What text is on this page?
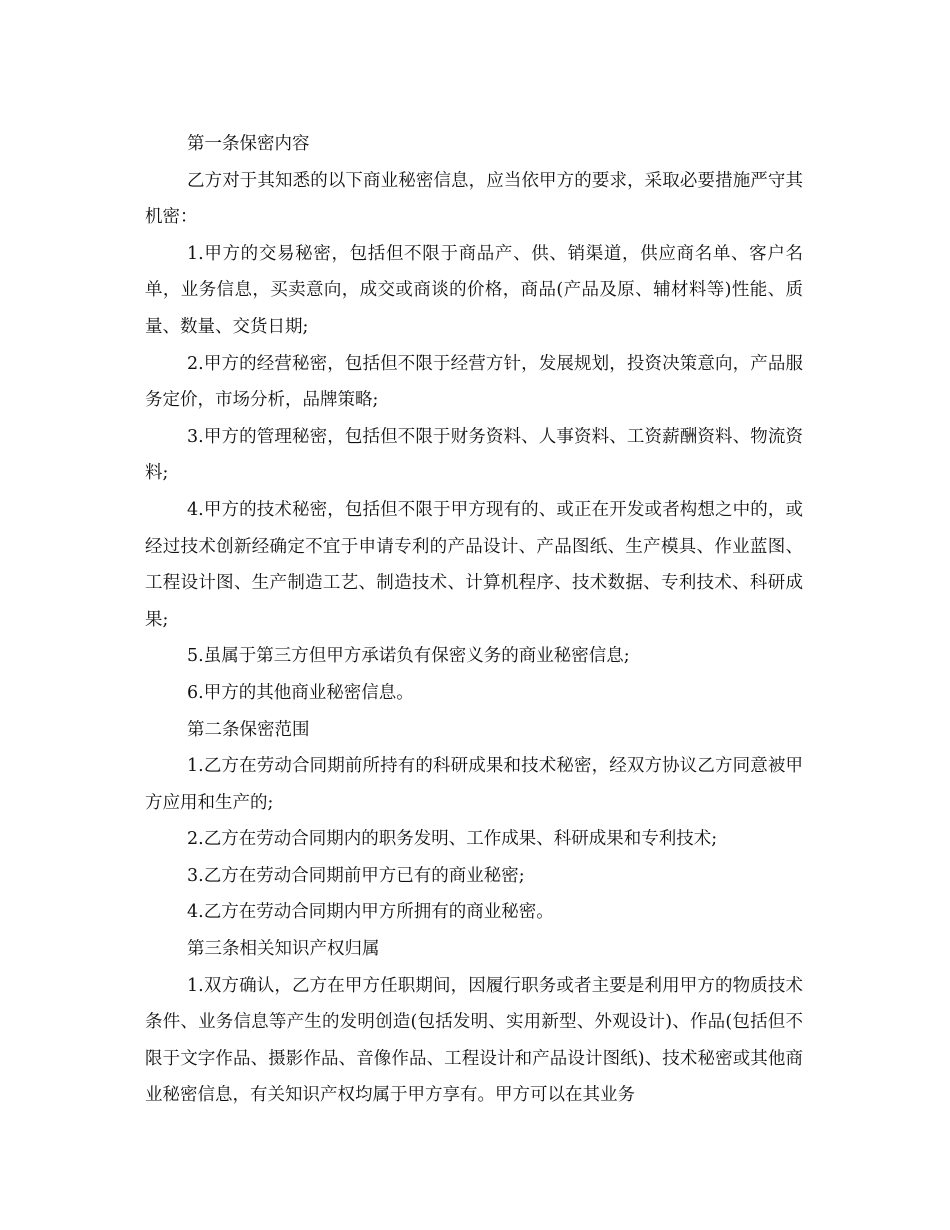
第一条保密内容

乙方对于其知悉的以下商业秘密信息，应当依甲方的要求，采取必要措施严守其机密：

1.甲方的交易秘密，包括但不限于商品产、供、销渠道，供应商名单、客户名单，业务信息，买卖意向，成交或商谈的价格，商品(产品及原、辅材料等)性能、质量、数量、交货日期;

2.甲方的经营秘密，包括但不限于经营方针，发展规划，投资决策意向，产品服务定价，市场分析，品牌策略;

3.甲方的管理秘密，包括但不限于财务资料、人事资料、工资薪酬资料、物流资料;

4.甲方的技术秘密，包括但不限于甲方现有的、或正在开发或者构想之中的，或经过技术创新经确定不宜于申请专利的产品设计、产品图纸、生产模具、作业蓝图、工程设计图、生产制造工艺、制造技术、计算机程序、技术数据、专利技术、科研成果;

5.虽属于第三方但甲方承诺负有保密义务的商业秘密信息;

6.甲方的其他商业秘密信息。

第二条保密范围

1.乙方在劳动合同期前所持有的科研成果和技术秘密，经双方协议乙方同意被甲方应用和生产的;

2.乙方在劳动合同期内的职务发明、工作成果、科研成果和专利技术;

3.乙方在劳动合同期前甲方已有的商业秘密;

4.乙方在劳动合同期内甲方所拥有的商业秘密。

第三条相关知识产权归属

1.双方确认，乙方在甲方任职期间，因履行职务或者主要是利用甲方的物质技术条件、业务信息等产生的发明创造(包括发明、实用新型、外观设计)、作品(包括但不限于文字作品、摄影作品、音像作品、工程设计和产品设计图纸)、技术秘密或其他商业秘密信息，有关知识产权均属于甲方享有。甲方可以在其业务
